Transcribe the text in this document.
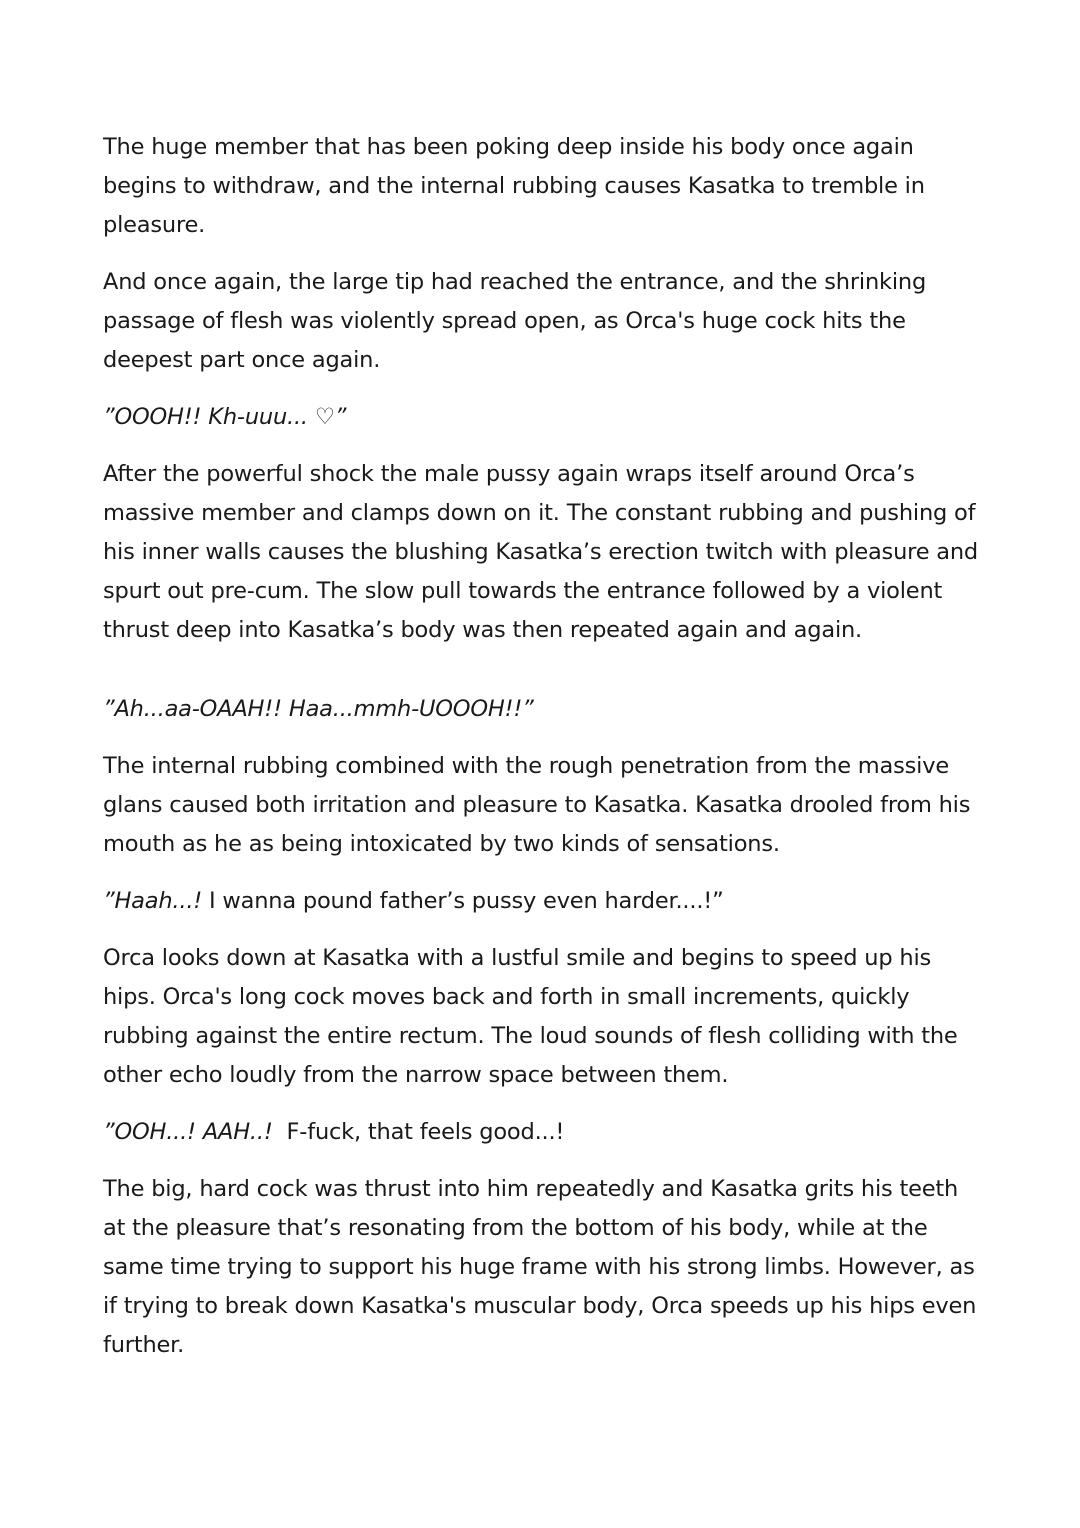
The huge member that has been poking deep inside his body once again begins to withdraw, and the internal rubbing causes Kasatka to tremble in pleasure.

And once again, the large tip had reached the entrance, and the shrinking passage of flesh was violently spread open, as Orca's huge cock hits the deepest part once again.

”OOOH!! Kh-uuu... ♡”

After the powerful shock the male pussy again wraps itself around Orca’s massive member and clamps down on it. The constant rubbing and pushing of his inner walls causes the blushing Kasatka’s erection twitch with pleasure and spurt out pre-cum. The slow pull towards the entrance followed by a violent thrust deep into Kasatka’s body was then repeated again and again.

”Ah...aa-OAAH!! Haa...mmh-UOOOH!!”

The internal rubbing combined with the rough penetration from the massive glans caused both irritation and pleasure to Kasatka. Kasatka drooled from his mouth as he as being intoxicated by two kinds of sensations.

”Haah...! I wanna pound father’s pussy even harder....!”

Orca looks down at Kasatka with a lustful smile and begins to speed up his hips. Orca's long cock moves back and forth in small increments, quickly rubbing against the entire rectum. The loud sounds of flesh colliding with the other echo loudly from the narrow space between them.

”OOH...! AAH..!  F-fuck, that feels good...!

The big, hard cock was thrust into him repeatedly and Kasatka grits his teeth at the pleasure that’s resonating from the bottom of his body, while at the same time trying to support his huge frame with his strong limbs. However, as if trying to break down Kasatka's muscular body, Orca speeds up his hips even further.
